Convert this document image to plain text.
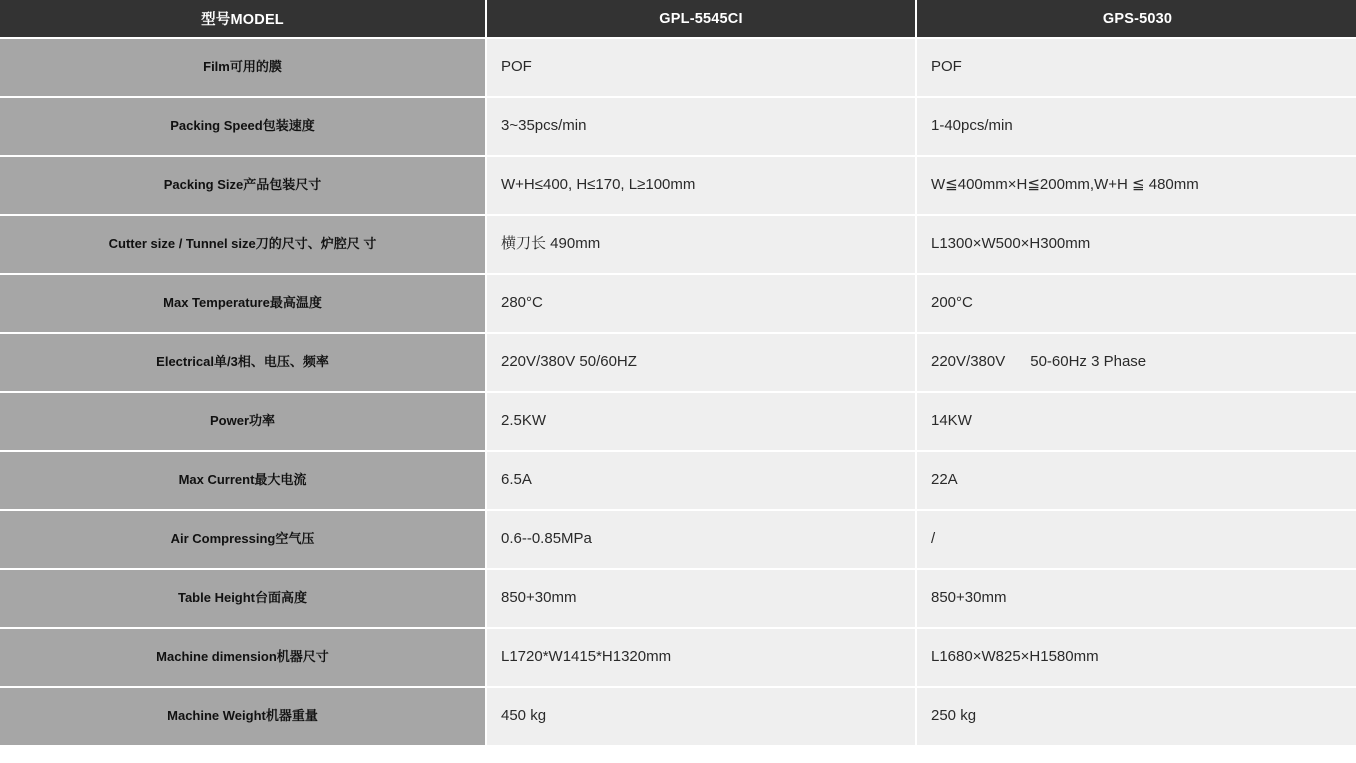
型号MODEL	GPL-5545CI	GPS-5030
Film可用的膜	POF	POF
Packing Speed包装速度	3~35pcs/min	1-40pcs/min
Packing Size产品包装尺寸	W+H≤400, H≤170, L≥100mm	W≦400mm×H≦200mm,W+H ≦ 480mm
Cutter size / Tunnel size刀的尺寸、炉腔尺 寸	横刀长 490mm	L1300×W500×H300mm
Max Temperature最高温度	280°C	200°C
Electrical单/3相、电压、频率	220V/380V 50/60HZ	220V/380V      50-60Hz 3 Phase
Power功率	2.5KW	14KW
Max Current最大电流	6.5A	22A
Air Compressing空气压	0.6--0.85MPa	/
Table Height台面高度	850+30mm	850+30mm
Machine dimension机器尺寸	L1720*W1415*H1320mm	L1680×W825×H1580mm
Machine Weight机器重量	450 kg	250 kg
